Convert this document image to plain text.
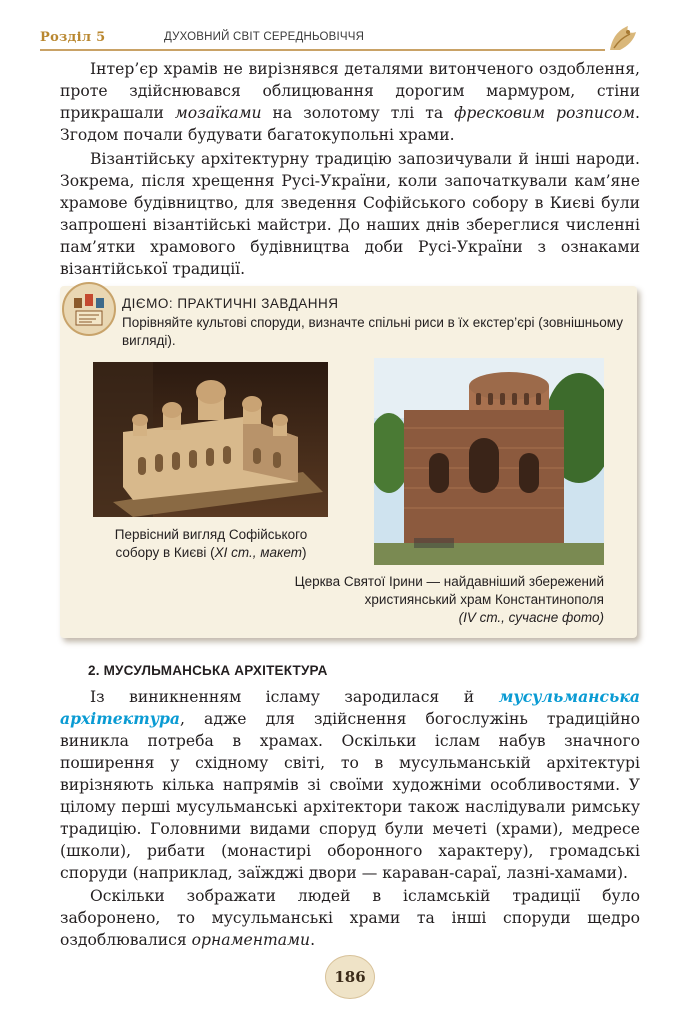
Розділ 5	ДУХОВНИЙ СВІТ СЕРЕДНЬОВІЧЧЯ

Інтер’єр храмів не вирізнявся деталями витонченого оздоблення, проте здійснювався облицювання дорогим мармуром, стіни прикрашали мозаїками на золотому тлі та фресковим розписом. Згодом почали будувати багатокупольні храми.

Візантійську архітектурну традицію запозичували й інші народи. Зокрема, після хрещення Русі-України, коли започаткували кам’яне храмове будівництво, для зведення Софійського собору в Києві були запрошені візантійські майстри. До наших днів збереглися численні пам’ятки храмового будівництва доби Русі-України з ознаками візантійської традиції.

ДІЄМО: ПРАКТИЧНІ ЗАВДАННЯ

Порівняйте культові споруди, визначте спільні риси в їх екстер’єрі (зовнішньому вигляді).

Первісний вигляд Софійського
собору в Києві (ХІ ст., макет)
Церква Святої Ірини — найдавніший збережений
християнський храм Константинополя
(ІV ст., сучасне фото)
2. МУСУЛЬМАНСЬКА АРХІТЕКТУРА

Із виникненням ісламу зародилася й мусульманська архітектура, адже для здійснення богослужінь традиційно виникла потреба в храмах. Оскільки іслам набув значного поширення у східному світі, то в мусульманській архітектурі вирізняють кілька напрямів зі своїми художніми особливостями. У цілому перші мусульманські архітектори також наслідували римську традицію. Головними видами споруд були мечеті (храми), медресе (школи), рибати (монастирі оборонного характеру), громадські споруди (наприклад, заїжджі двори — караван-сараї, лазні-хамами).

Оскільки зображати людей в ісламській традиції було заборонено, то мусульманські храми та інші споруди щедро оздоблювалися орнаментами.

186
